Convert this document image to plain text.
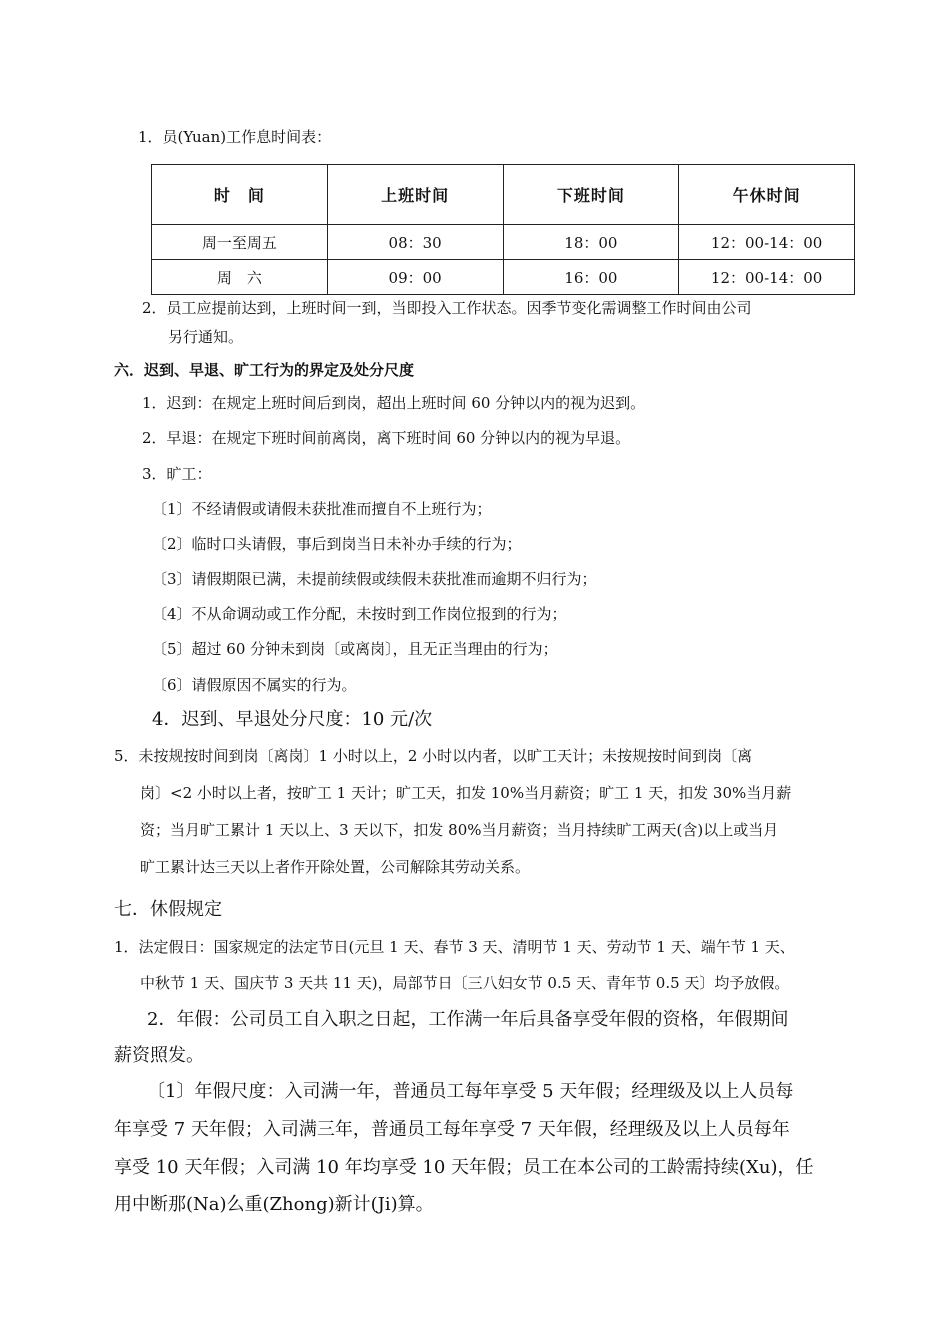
1．员(Yuan)工作息时间表：
时　间	上班时间	下班时间	午休时间
周一至周五	08：30	18：00	12：00-14：00
周　六	09：00	16：00	12：00-14：00
2．员工应提前达到，上班时间一到，当即投入工作状态。因季节变化需调整工作时间由公司
另行通知。
六．迟到、早退、旷工行为的界定及处分尺度
1．迟到：在规定上班时间后到岗，超出上班时间 60 分钟以内的视为迟到。
2．早退：在规定下班时间前离岗，离下班时间 60 分钟以内的视为早退。
3．旷工：
〔1〕不经请假或请假未获批准而擅自不上班行为；
〔2〕临时口头请假，事后到岗当日未补办手续的行为；
〔3〕请假期限已满，未提前续假或续假未获批准而逾期不归行为；
〔4〕不从命调动或工作分配，未按时到工作岗位报到的行为；
〔5〕超过 60 分钟未到岗〔或离岗〕，且无正当理由的行为；
〔6〕请假原因不属实的行为。
4．迟到、早退处分尺度：10 元/次
5．未按规按时间到岗〔离岗〕1 小时以上，2 小时以内者，以旷工天计；未按规按时间到岗〔离
岗〕<2 小时以上者，按旷工 1 天计；旷工天，扣发 10%当月薪资；旷工 1 天，扣发 30%当月薪
资；当月旷工累计 1 天以上、3 天以下，扣发 80%当月薪资；当月持续旷工两天(含)以上或当月
旷工累计达三天以上者作开除处置，公司解除其劳动关系。
七．休假规定
1．法定假日：国家规定的法定节日(元旦 1 天、春节 3 天、清明节 1 天、劳动节 1 天、端午节 1 天、
中秋节 1 天、国庆节 3 天共 11 天)，局部节日〔三八妇女节 0.5 天、青年节 0.5 天〕均予放假。
2．年假：公司员工自入职之日起，工作满一年后具备享受年假的资格，年假期间
薪资照发。
〔1〕年假尺度：入司满一年，普通员工每年享受 5 天年假；经理级及以上人员每
年享受 7 天年假；入司满三年，普通员工每年享受 7 天年假，经理级及以上人员每年
享受 10 天年假；入司满 10 年均享受 10 天年假；员工在本公司的工龄需持续(Xu)，任
用中断那(Na)么重(Zhong)新计(Ji)算。
